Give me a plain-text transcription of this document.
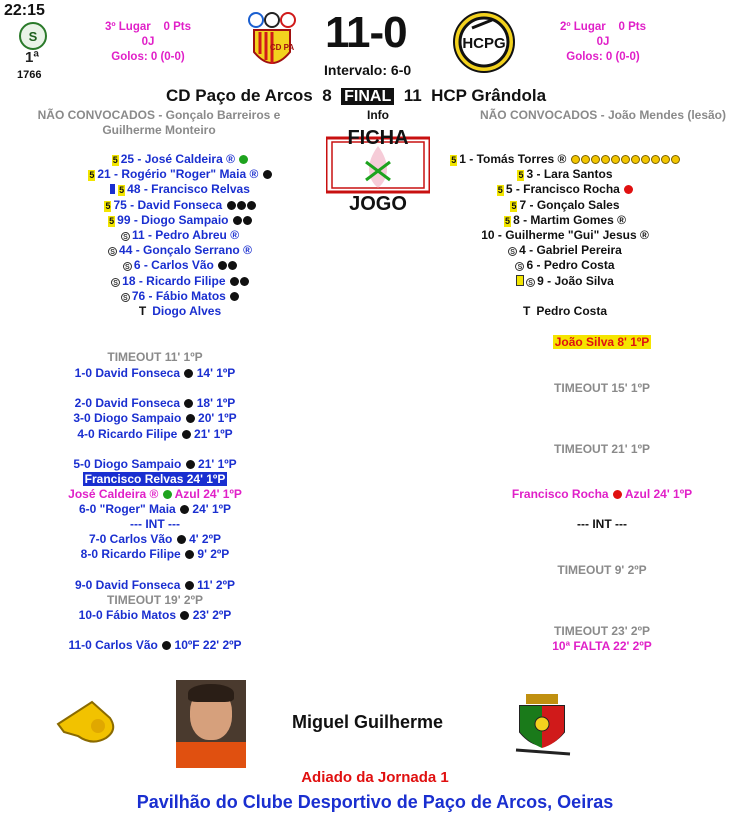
22:15
S
1ª
1766
3º Lugar 0 Pts
0J
Golos: 0 (0-0)
CD PA 11-0
Intervalo: 6-0
HCPG
2º Lugar 0 Pts
0J
Golos: 0 (0-0)
CD Paço de Arcos 8 FINAL 11 HCP Grândola
NÃO CONVOCADOS - Gonçalo Barreiros e Guilherme Monteiro
NÃO CONVOCADOS - João Mendes (lesão)
Info
FICHA
JOGO
5 25 - José Caldeira ®
5 21 - Rogério "Roger" Maia ®
5 48 - Francisco Relvas
5 75 - David Fonseca
5 99 - Diogo Sampaio
S 11 - Pedro Abreu ®
S 44 - Gonçalo Serrano ®
S 6 - Carlos Vão
S 18 - Ricardo Filipe
S 76 - Fábio Matos
T Diogo Alves
5 1 - Tomás Torres ®
5 3 - Lara Santos
5 5 - Francisco Rocha
5 7 - Gonçalo Sales
5 8 - Martim Gomes ®
10 - Guilherme "Gui" Jesus ®
S 4 - Gabriel Pereira
S 6 - Pedro Costa
S 9 - João Silva
T Pedro Costa
TIMEOUT 11' 1ºP
1-0 David Fonseca 14' 1ºP
2-0 David Fonseca 18' 1ºP
3-0 Diogo Sampaio 20' 1ºP
4-0 Ricardo Filipe 21' 1ºP
5-0 Diogo Sampaio 21' 1ºP
Francisco Relvas 24' 1ºP
José Caldeira ® Azul 24' 1ºP
6-0 "Roger" Maia 24' 1ºP
--- INT ---
7-0 Carlos Vão 4' 2ºP
8-0 Ricardo Filipe 9' 2ºP
9-0 David Fonseca 11' 2ºP
TIMEOUT 19' 2ºP
10-0 Fábio Matos 23' 2ºP
11-0 Carlos Vão 10ºF 22' 2ºP
João Silva 8' 1ºP
TIMEOUT 15' 1ºP
TIMEOUT 21' 1ºP
Francisco Rocha Azul 24' 1ºP
--- INT ---
TIMEOUT 9' 2ºP
TIMEOUT 23' 2ºP
10ª FALTA 22' 2ºP
Miguel Guilherme
Adiado da Jornada 1
Pavilhão do Clube Desportivo de Paço de Arcos, Oeiras
